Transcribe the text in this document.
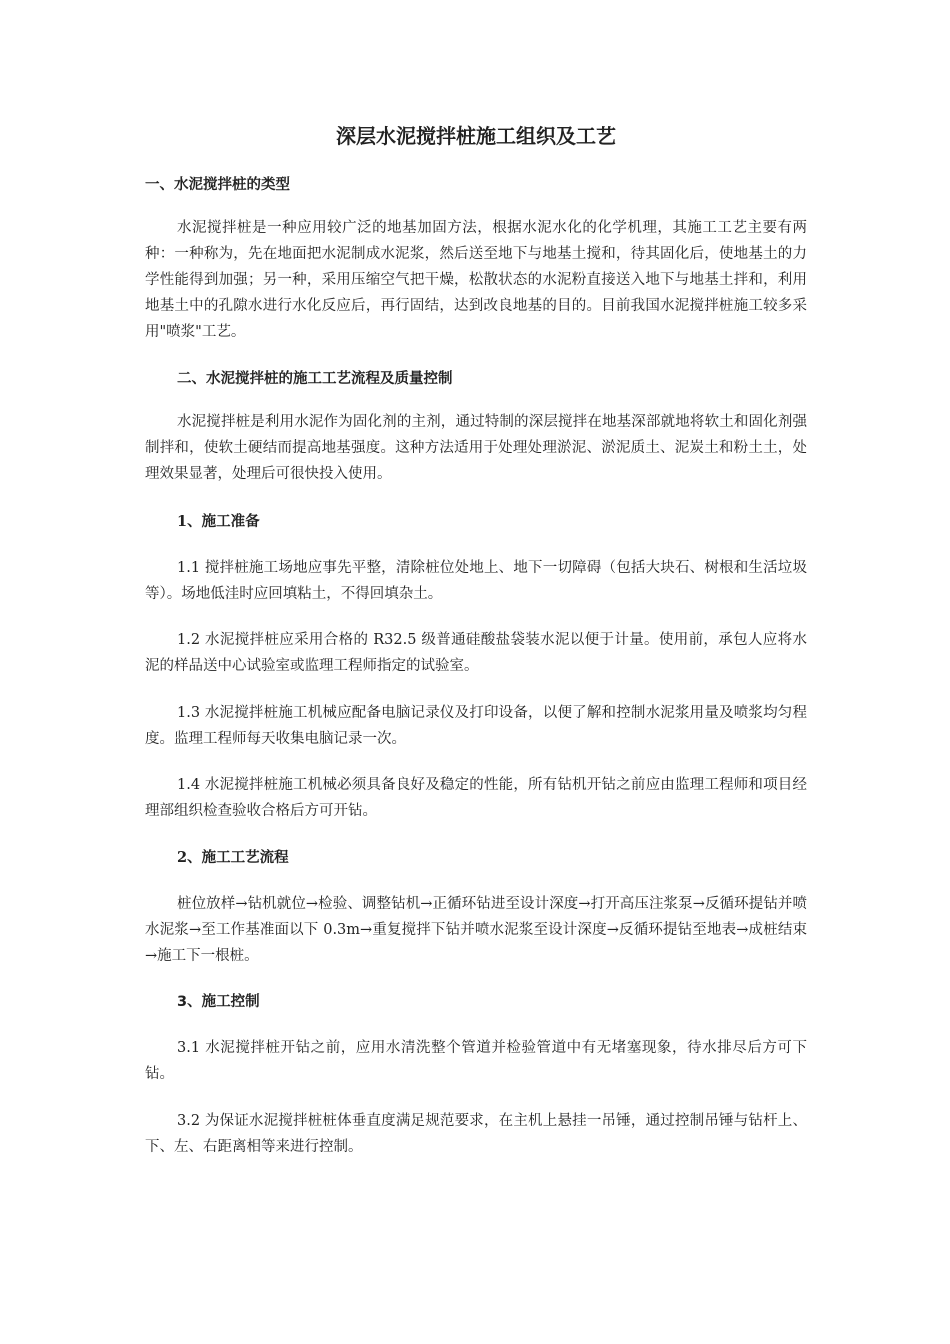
深层水泥搅拌桩施工组织及工艺
一、水泥搅拌桩的类型

水泥搅拌桩是一种应用较广泛的地基加固方法，根据水泥水化的化学机理，其施工工艺主要有两种：一种称为，先在地面把水泥制成水泥浆，然后送至地下与地基土搅和，待其固化后，使地基土的力学性能得到加强；另一种，采用压缩空气把干燥，松散状态的水泥粉直接送入地下与地基土拌和，利用地基土中的孔隙水进行水化反应后，再行固结，达到改良地基的目的。目前我国水泥搅拌桩施工较多采用"喷浆"工艺。

二、水泥搅拌桩的施工工艺流程及质量控制

水泥搅拌桩是利用水泥作为固化剂的主剂，通过特制的深层搅拌在地基深部就地将软土和固化剂强制拌和，使软土硬结而提高地基强度。这种方法适用于处理处理淤泥、淤泥质土、泥炭土和粉土土，处理效果显著，处理后可很快投入使用。

1、施工准备

1.1 搅拌桩施工场地应事先平整，清除桩位处地上、地下一切障碍（包括大块石、树根和生活垃圾等）。场地低洼时应回填粘土，不得回填杂土。

1.2 水泥搅拌桩应采用合格的 R32.5 级普通硅酸盐袋装水泥以便于计量。使用前，承包人应将水泥的样品送中心试验室或监理工程师指定的试验室。

1.3 水泥搅拌桩施工机械应配备电脑记录仪及打印设备，以便了解和控制水泥浆用量及喷浆均匀程度。监理工程师每天收集电脑记录一次。

1.4 水泥搅拌桩施工机械必须具备良好及稳定的性能，所有钻机开钻之前应由监理工程师和项目经理部组织检查验收合格后方可开钻。

2、施工工艺流程

桩位放样→钻机就位→检验、调整钻机→正循环钻进至设计深度→打开高压注浆泵→反循环提钻并喷水泥浆→至工作基准面以下 0.3m→重复搅拌下钻并喷水泥浆至设计深度→反循环提钻至地表→成桩结束→施工下一根桩。

3、施工控制

3.1 水泥搅拌桩开钻之前，应用水清洗整个管道并检验管道中有无堵塞现象，待水排尽后方可下钻。

3.2 为保证水泥搅拌桩桩体垂直度满足规范要求，在主机上悬挂一吊锤，通过控制吊锤与钻杆上、下、左、右距离相等来进行控制。
